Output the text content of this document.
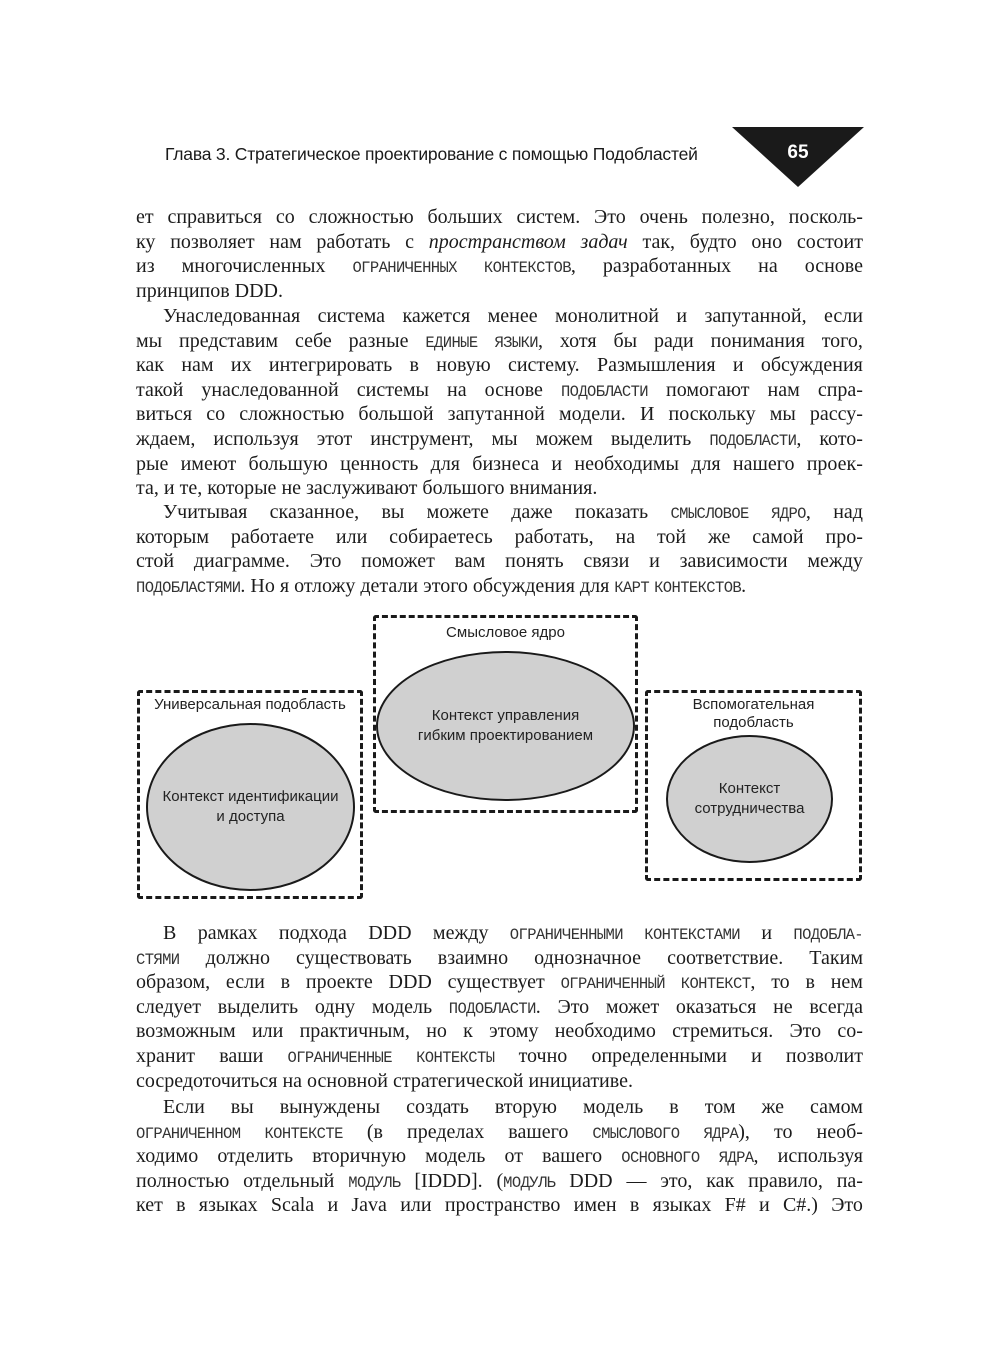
Глава 3. Стратегическое проектирование с помощью Подобластей	65
ет справиться со сложностью больших систем. Это очень полезно, посколь-
ку позволяет нам работать с пространством задач так, будто оно состоит
из многочисленных ОГРАНИЧЕННЫХ КОНТЕКСТОВ, разработанных на основе
принципов DDD.
Унаследованная система кажется менее монолитной и запутанной, если
мы представим себе разные ЕДИНЫЕ ЯЗЫКИ, хотя бы ради понимания того,
как нам их интегрировать в новую систему. Размышления и обсуждения
такой унаследованной системы на основе ПОДОБЛАСТИ помогают нам спра-
виться со сложностью большой запутанной модели. И поскольку мы рассу-
ждаем, используя этот инструмент, мы можем выделить ПОДОБЛАСТИ, кото-
рые имеют большую ценность для бизнеса и необходимы для нашего проек-
та, и те, которые не заслуживают большого внимания.
Учитывая сказанное, вы можете даже показать СМЫСЛОВОЕ ЯДРО, над
которым работаете или собираетесь работать, на той же самой про-
стой диаграмме. Это поможет вам понять связи и зависимости между
ПОДОБЛАСТЯМИ. Но я отложу детали этого обсуждения для КАРТ КОНТЕКСТОВ.
В рамках подхода DDD между ОГРАНИЧЕННЫМИ КОНТЕКСТАМИ и ПОДОБЛА-
СТЯМИ должно существовать взаимно однозначное соответствие. Таким
образом, если в проекте DDD существует ОГРАНИЧЕННЫЙ КОНТЕКСТ, то в нем
следует выделить одну модель ПОДОБЛАСТИ. Это может оказаться не всегда
возможным или практичным, но к этому необходимо стремиться. Это со-
хранит ваши ОГРАНИЧЕННЫЕ КОНТЕКСТЫ точно определенными и позволит
сосредоточиться на основной стратегической инициативе.
Если вы вынуждены создать вторую модель в том же самом
ОГРАНИЧЕННОМ КОНТЕКСТЕ (в пределах вашего СМЫСЛОВОГО ЯДРА), то необ-
ходимо отделить вторичную модель от вашего ОСНОВНОГО ЯДРА, используя
полностью отдельный МОДУЛЬ [IDDD]. (МОДУЛЬ DDD — это, как правило, па-
кет в языках Scala и Java или пространство имен в языках F# и C#.) Это
Универсальная подобласть
Контекст идентификации
и доступа
Смысловое ядро
Контекст управления
гибким проектированием
Вспомогательная
подобласть
Контекст
сотрудничества
